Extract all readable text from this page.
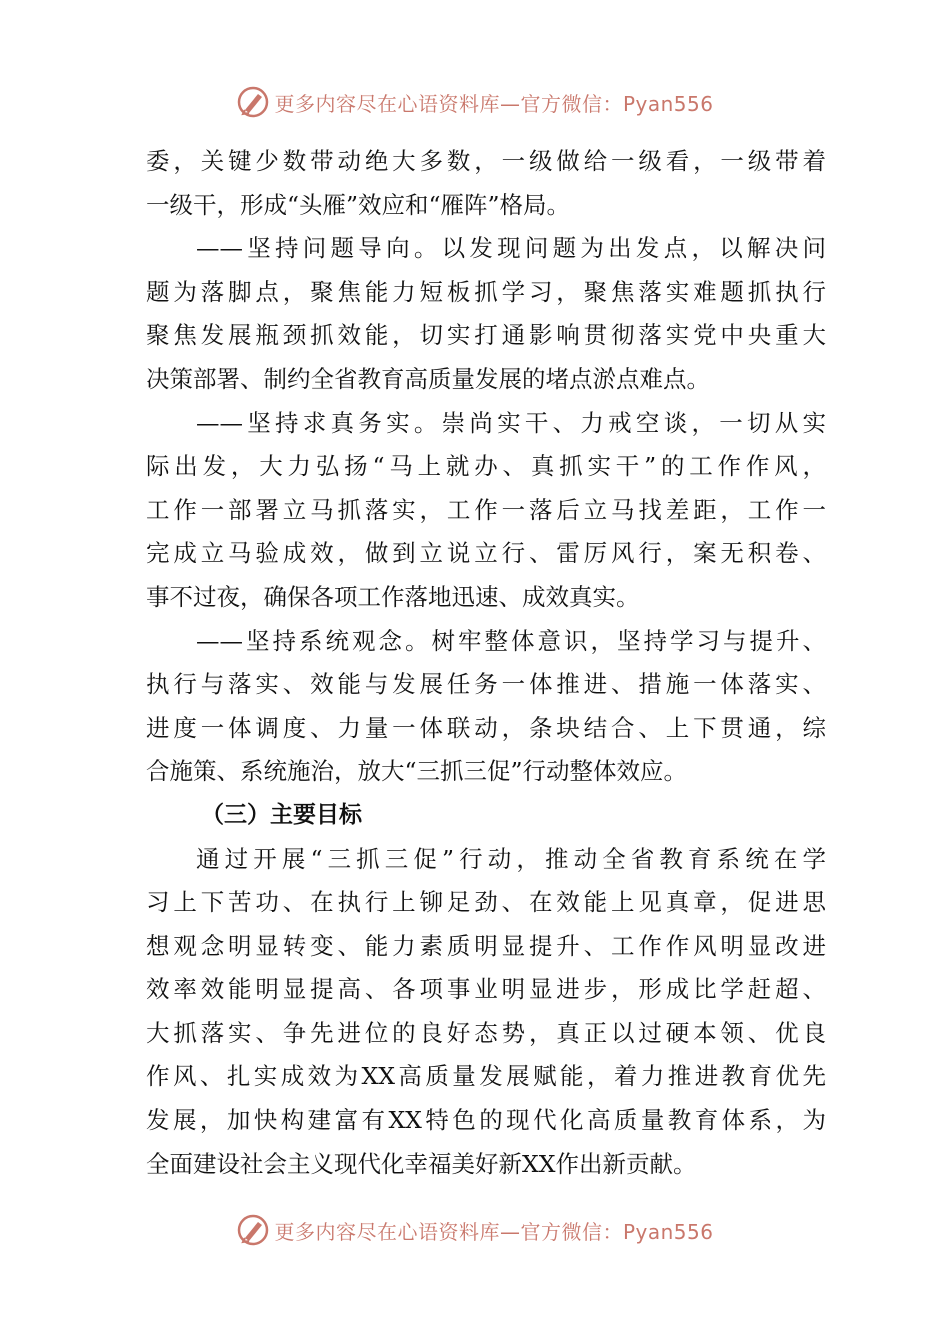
更多内容尽在心语资料库—官方微信：Pyan556
委，关键少数带动绝大多数，一级做给一级看，一级带着
一级干，形成“头雁”效应和“雁阵”格局。
——坚持问题导向。以发现问题为出发点，以解决问
题为落脚点，聚焦能力短板抓学习，聚焦落实难题抓执行
聚焦发展瓶颈抓效能，切实打通影响贯彻落实党中央重大
决策部署、制约全省教育高质量发展的堵点淤点难点。
——坚持求真务实。崇尚实干、力戒空谈，一切从实
际出发，大力弘扬“马上就办、真抓实干”的工作作风，
工作一部署立马抓落实，工作一落后立马找差距，工作一
完成立马验成效，做到立说立行、雷厉风行，案无积卷、
事不过夜，确保各项工作落地迅速、成效真实。
——坚持系统观念。树牢整体意识，坚持学习与提升、
执行与落实、效能与发展任务一体推进、措施一体落实、
进度一体调度、力量一体联动，条块结合、上下贯通，综
合施策、系统施治，放大“三抓三促”行动整体效应。
（三）主要目标
通过开展“三抓三促”行动，推动全省教育系统在学
习上下苦功、在执行上铆足劲、在效能上见真章，促进思
想观念明显转变、能力素质明显提升、工作作风明显改进
效率效能明显提高、各项事业明显进步，形成比学赶超、
大抓落实、争先进位的良好态势，真正以过硬本领、优良
作风、扎实成效为XX高质量发展赋能，着力推进教育优先
发展，加快构建富有XX特色的现代化高质量教育体系，为
全面建设社会主义现代化幸福美好新XX作出新贡献。
更多内容尽在心语资料库—官方微信：Pyan556
